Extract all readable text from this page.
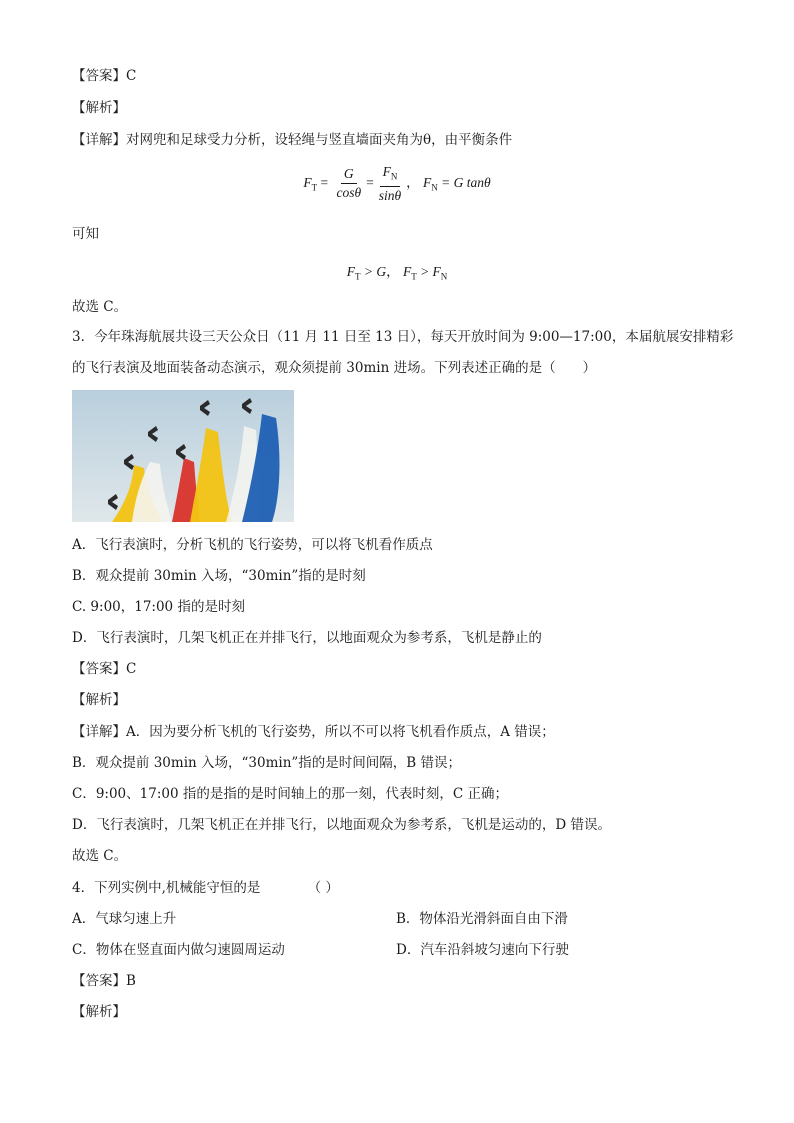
【答案】C
【解析】
【详解】对网兜和足球受力分析，设轻绳与竖直墙面夹角为θ，由平衡条件
$F_T = \frac{G}{\cos\theta} = \frac{F_N}{\sin\theta}$ ， $F_N = G$ tanθ
可知
$F_T > G$， $F_T > F_N$
故选 C。
3．今年珠海航展共设三天公众日（11 月 11 日至 13 日），每天开放时间为 9:00—17:00，本届航展安排精彩
的飞行表演及地面装备动态演示，观众须提前 30min 进场。下列表述正确的是（　　）
A．飞行表演时，分析飞机的飞行姿势，可以将飞机看作质点
B．观众提前 30min 入场，“30min”指的是时刻
C. 9:00，17:00 指的是时刻
D．飞行表演时，几架飞机正在并排飞行，以地面观众为参考系，飞机是静止的
【答案】C
【解析】
【详解】A．因为要分析飞机的飞行姿势，所以不可以将飞机看作质点，A 错误；
B．观众提前 30min 入场，“30min”指的是时间间隔，B 错误；
C．9:00、17:00 指的是指的是时间轴上的那一刻，代表时刻，C 正确；
D．飞行表演时，几架飞机正在并排飞行，以地面观众为参考系，飞机是运动的，D 错误。
故选 C。
4．下列实例中,机械能守恒的是　　　　（ ）
A．气球匀速上升	B．物体沿光滑斜面自由下滑
C．物体在竖直面内做匀速圆周运动	D．汽车沿斜坡匀速向下行驶
【答案】B
【解析】
